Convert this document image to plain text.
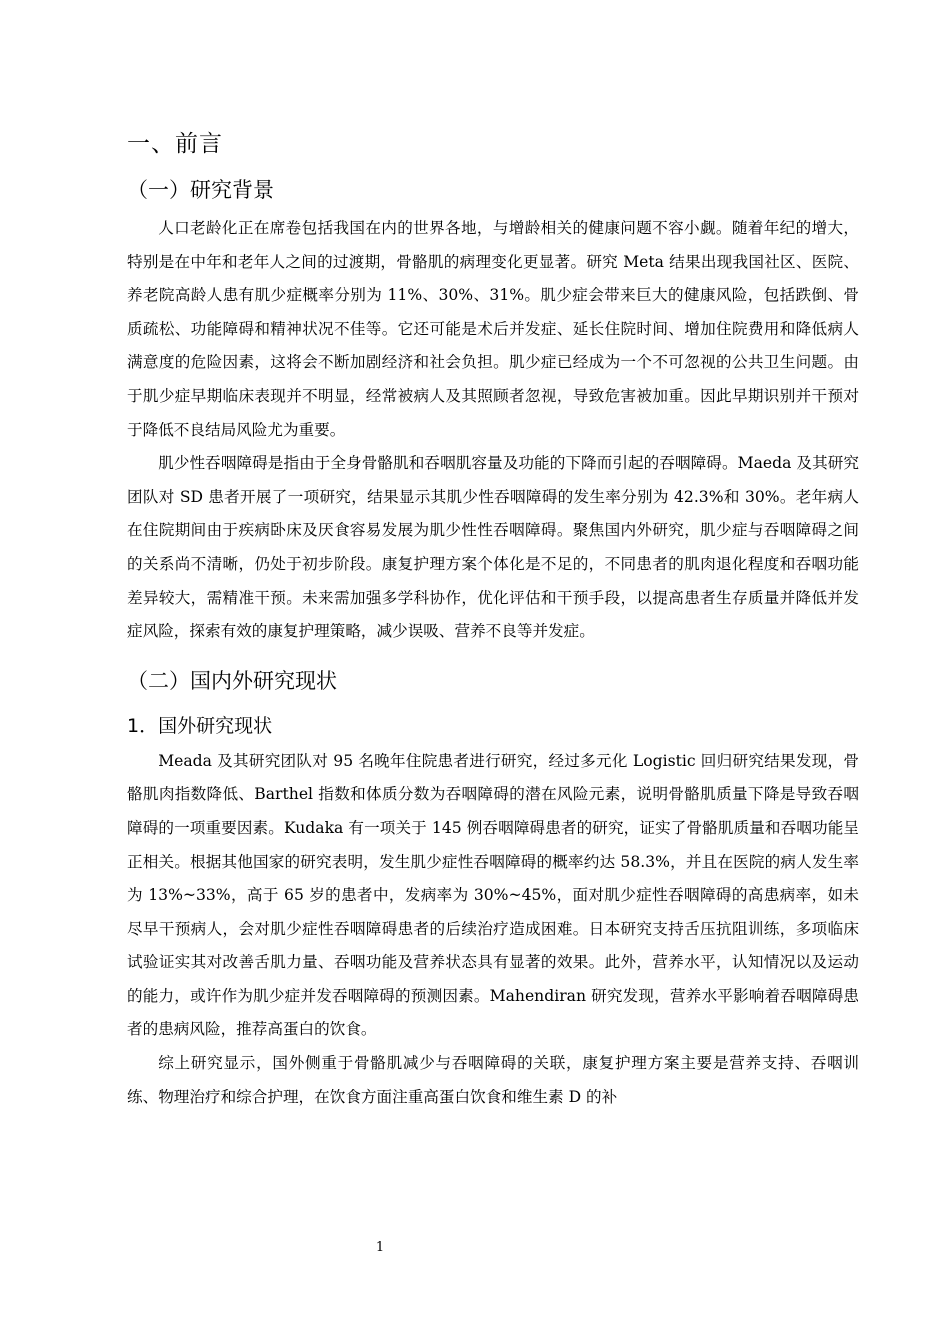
一、前言
（一）研究背景

人口老龄化正在席卷包括我国在内的世界各地，与增龄相关的健康问题不容小觑。随着年纪的增大，特别是在中年和老年人之间的过渡期，骨骼肌的病理变化更显著。研究 Meta 结果出现我国社区、医院、养老院高龄人患有肌少症概率分别为 11%、30%、31%。肌少症会带来巨大的健康风险，包括跌倒、骨质疏松、功能障碍和精神状况不佳等。它还可能是术后并发症、延长住院时间、增加住院费用和降低病人满意度的危险因素，这将会不断加剧经济和社会负担。肌少症已经成为一个不可忽视的公共卫生问题。由于肌少症早期临床表现并不明显，经常被病人及其照顾者忽视，导致危害被加重。因此早期识别并干预对于降低不良结局风险尤为重要。

肌少性吞咽障碍是指由于全身骨骼肌和吞咽肌容量及功能的下降而引起的吞咽障碍。Maeda 及其研究团队对 SD 患者开展了一项研究，结果显示其肌少性吞咽障碍的发生率分别为 42.3%和 30%。老年病人在住院期间由于疾病卧床及厌食容易发展为肌少性性吞咽障碍。聚焦国内外研究，肌少症与吞咽障碍之间的关系尚不清晰，仍处于初步阶段。康复护理方案个体化是不足的，不同患者的肌肉退化程度和吞咽功能差异较大，需精准干预。未来需加强多学科协作，优化评估和干预手段，以提高患者生存质量并降低并发症风险，探索有效的康复护理策略，减少误吸、营养不良等并发症。

（二）国内外研究现状
1．国外研究现状

Meada 及其研究团队对 95 名晚年住院患者进行研究，经过多元化 Logistic 回归研究结果发现，骨骼肌肉指数降低、Barthel 指数和体质分数为吞咽障碍的潜在风险元素，说明骨骼肌质量下降是导致吞咽障碍的一项重要因素。Kudaka 有一项关于 145 例吞咽障碍患者的研究，证实了骨骼肌质量和吞咽功能呈正相关。根据其他国家的研究表明，发生肌少症性吞咽障碍的概率约达 58.3%，并且在医院的病人发生率为 13%~33%，高于 65 岁的患者中，发病率为 30%~45%，面对肌少症性吞咽障碍的高患病率，如未尽早干预病人，会对肌少症性吞咽障碍患者的后续治疗造成困难。日本研究支持舌压抗阻训练，多项临床试验证实其对改善舌肌力量、吞咽功能及营养状态具有显著的效果。此外，营养水平，认知情况以及运动的能力，或许作为肌少症并发吞咽障碍的预测因素。Mahendiran 研究发现，营养水平影响着吞咽障碍患者的患病风险，推荐高蛋白的饮食。

综上研究显示，国外侧重于骨骼肌减少与吞咽障碍的关联，康复护理方案主要是营养支持、吞咽训练、物理治疗和综合护理，在饮食方面注重高蛋白饮食和维生素 D 的补

1
